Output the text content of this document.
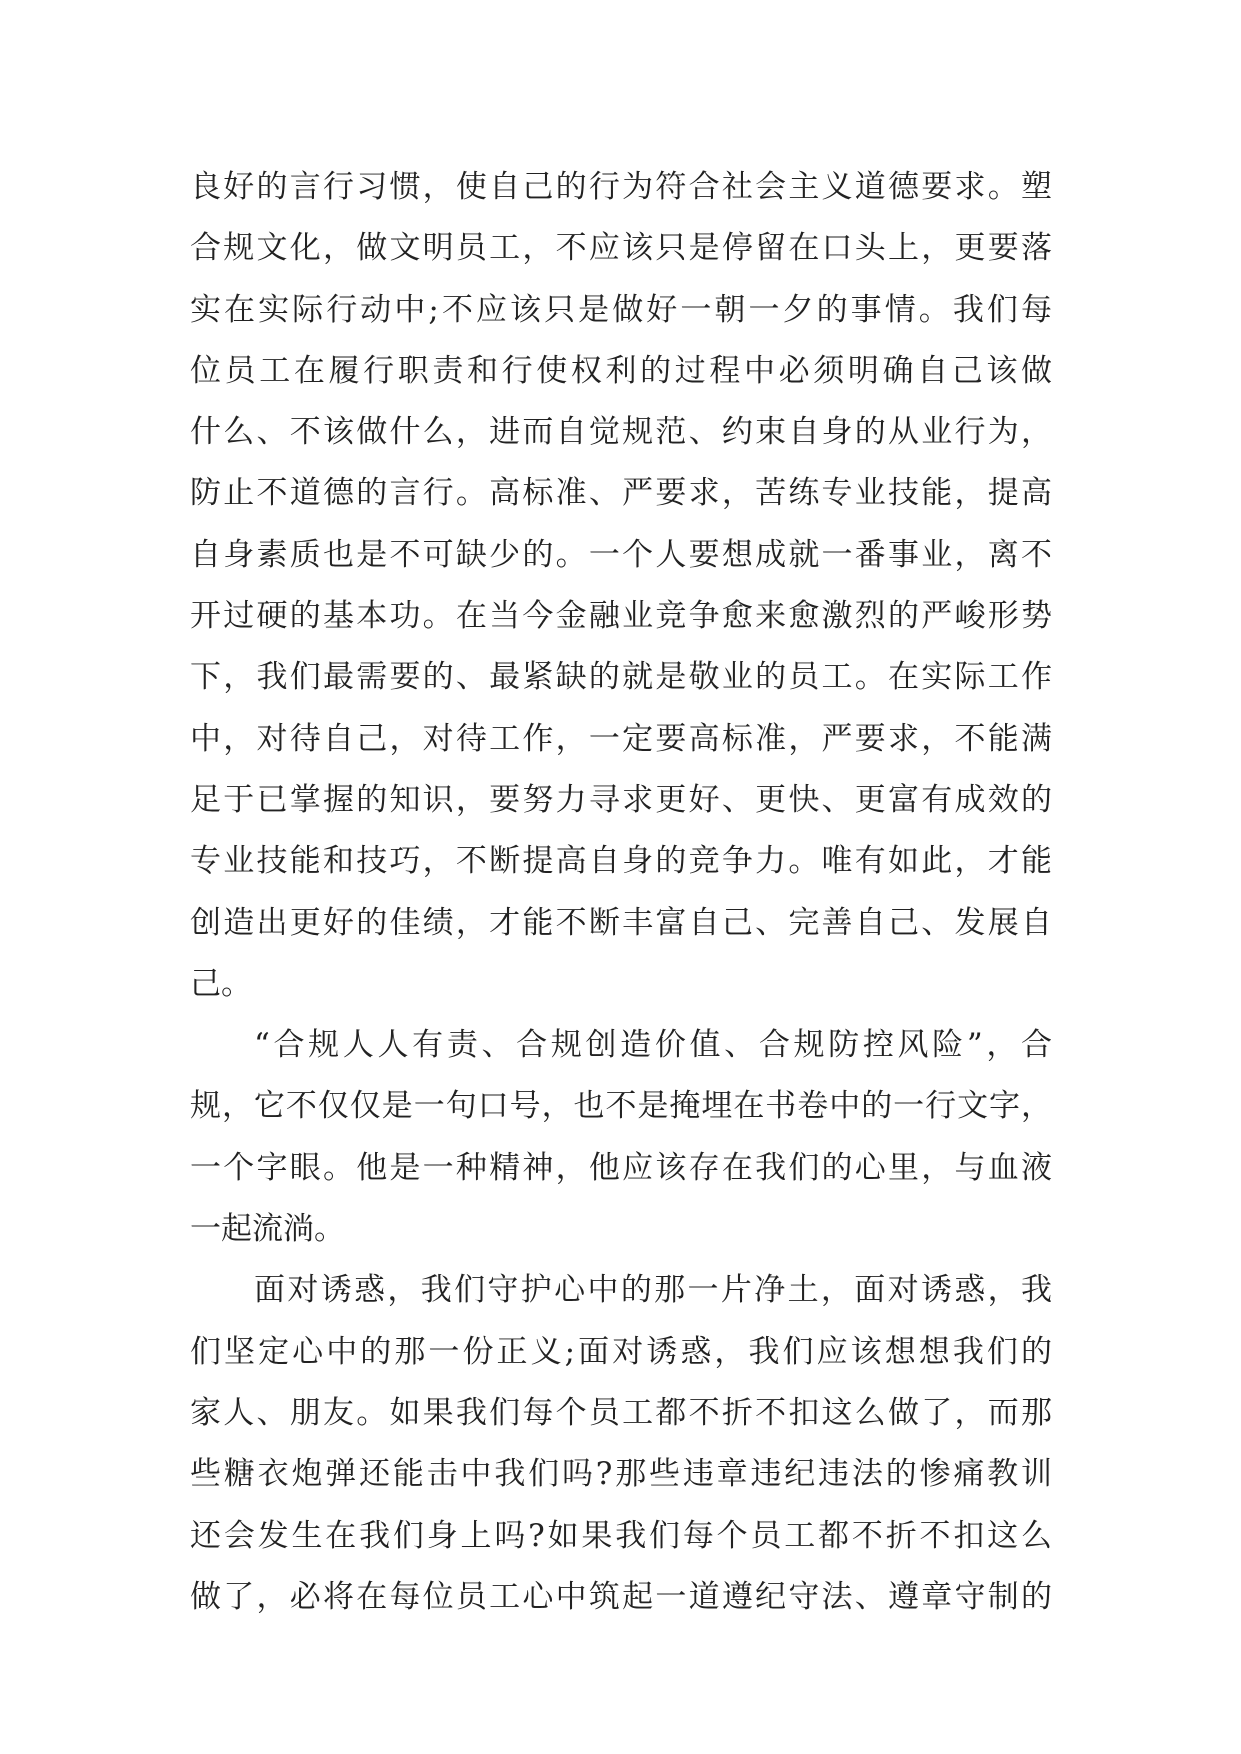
良好的言行习惯，使自己的行为符合社会主义道德要求。塑
合规文化，做文明员工，不应该只是停留在口头上，更要落
实在实际行动中;不应该只是做好一朝一夕的事情。我们每
位员工在履行职责和行使权利的过程中必须明确自己该做
什么、不该做什么，进而自觉规范、约束自身的从业行为，
防止不道德的言行。高标准、严要求，苦练专业技能，提高
自身素质也是不可缺少的。一个人要想成就一番事业，离不
开过硬的基本功。在当今金融业竞争愈来愈激烈的严峻形势
下，我们最需要的、最紧缺的就是敬业的员工。在实际工作
中，对待自己，对待工作，一定要高标准，严要求，不能满
足于已掌握的知识，要努力寻求更好、更快、更富有成效的
专业技能和技巧，不断提高自身的竞争力。唯有如此，才能
创造出更好的佳绩，才能不断丰富自己、完善自己、发展自
己。
“合规人人有责、合规创造价值、合规防控风险”，合
规，它不仅仅是一句口号，也不是掩埋在书卷中的一行文字，
一个字眼。他是一种精神，他应该存在我们的心里，与血液
一起流淌。
面对诱惑，我们守护心中的那一片净土，面对诱惑，我
们坚定心中的那一份正义;面对诱惑，我们应该想想我们的
家人、朋友。如果我们每个员工都不折不扣这么做了，而那
些糖衣炮弹还能击中我们吗?那些违章违纪违法的惨痛教训
还会发生在我们身上吗?如果我们每个员工都不折不扣这么
做了，必将在每位员工心中筑起一道遵纪守法、遵章守制的
